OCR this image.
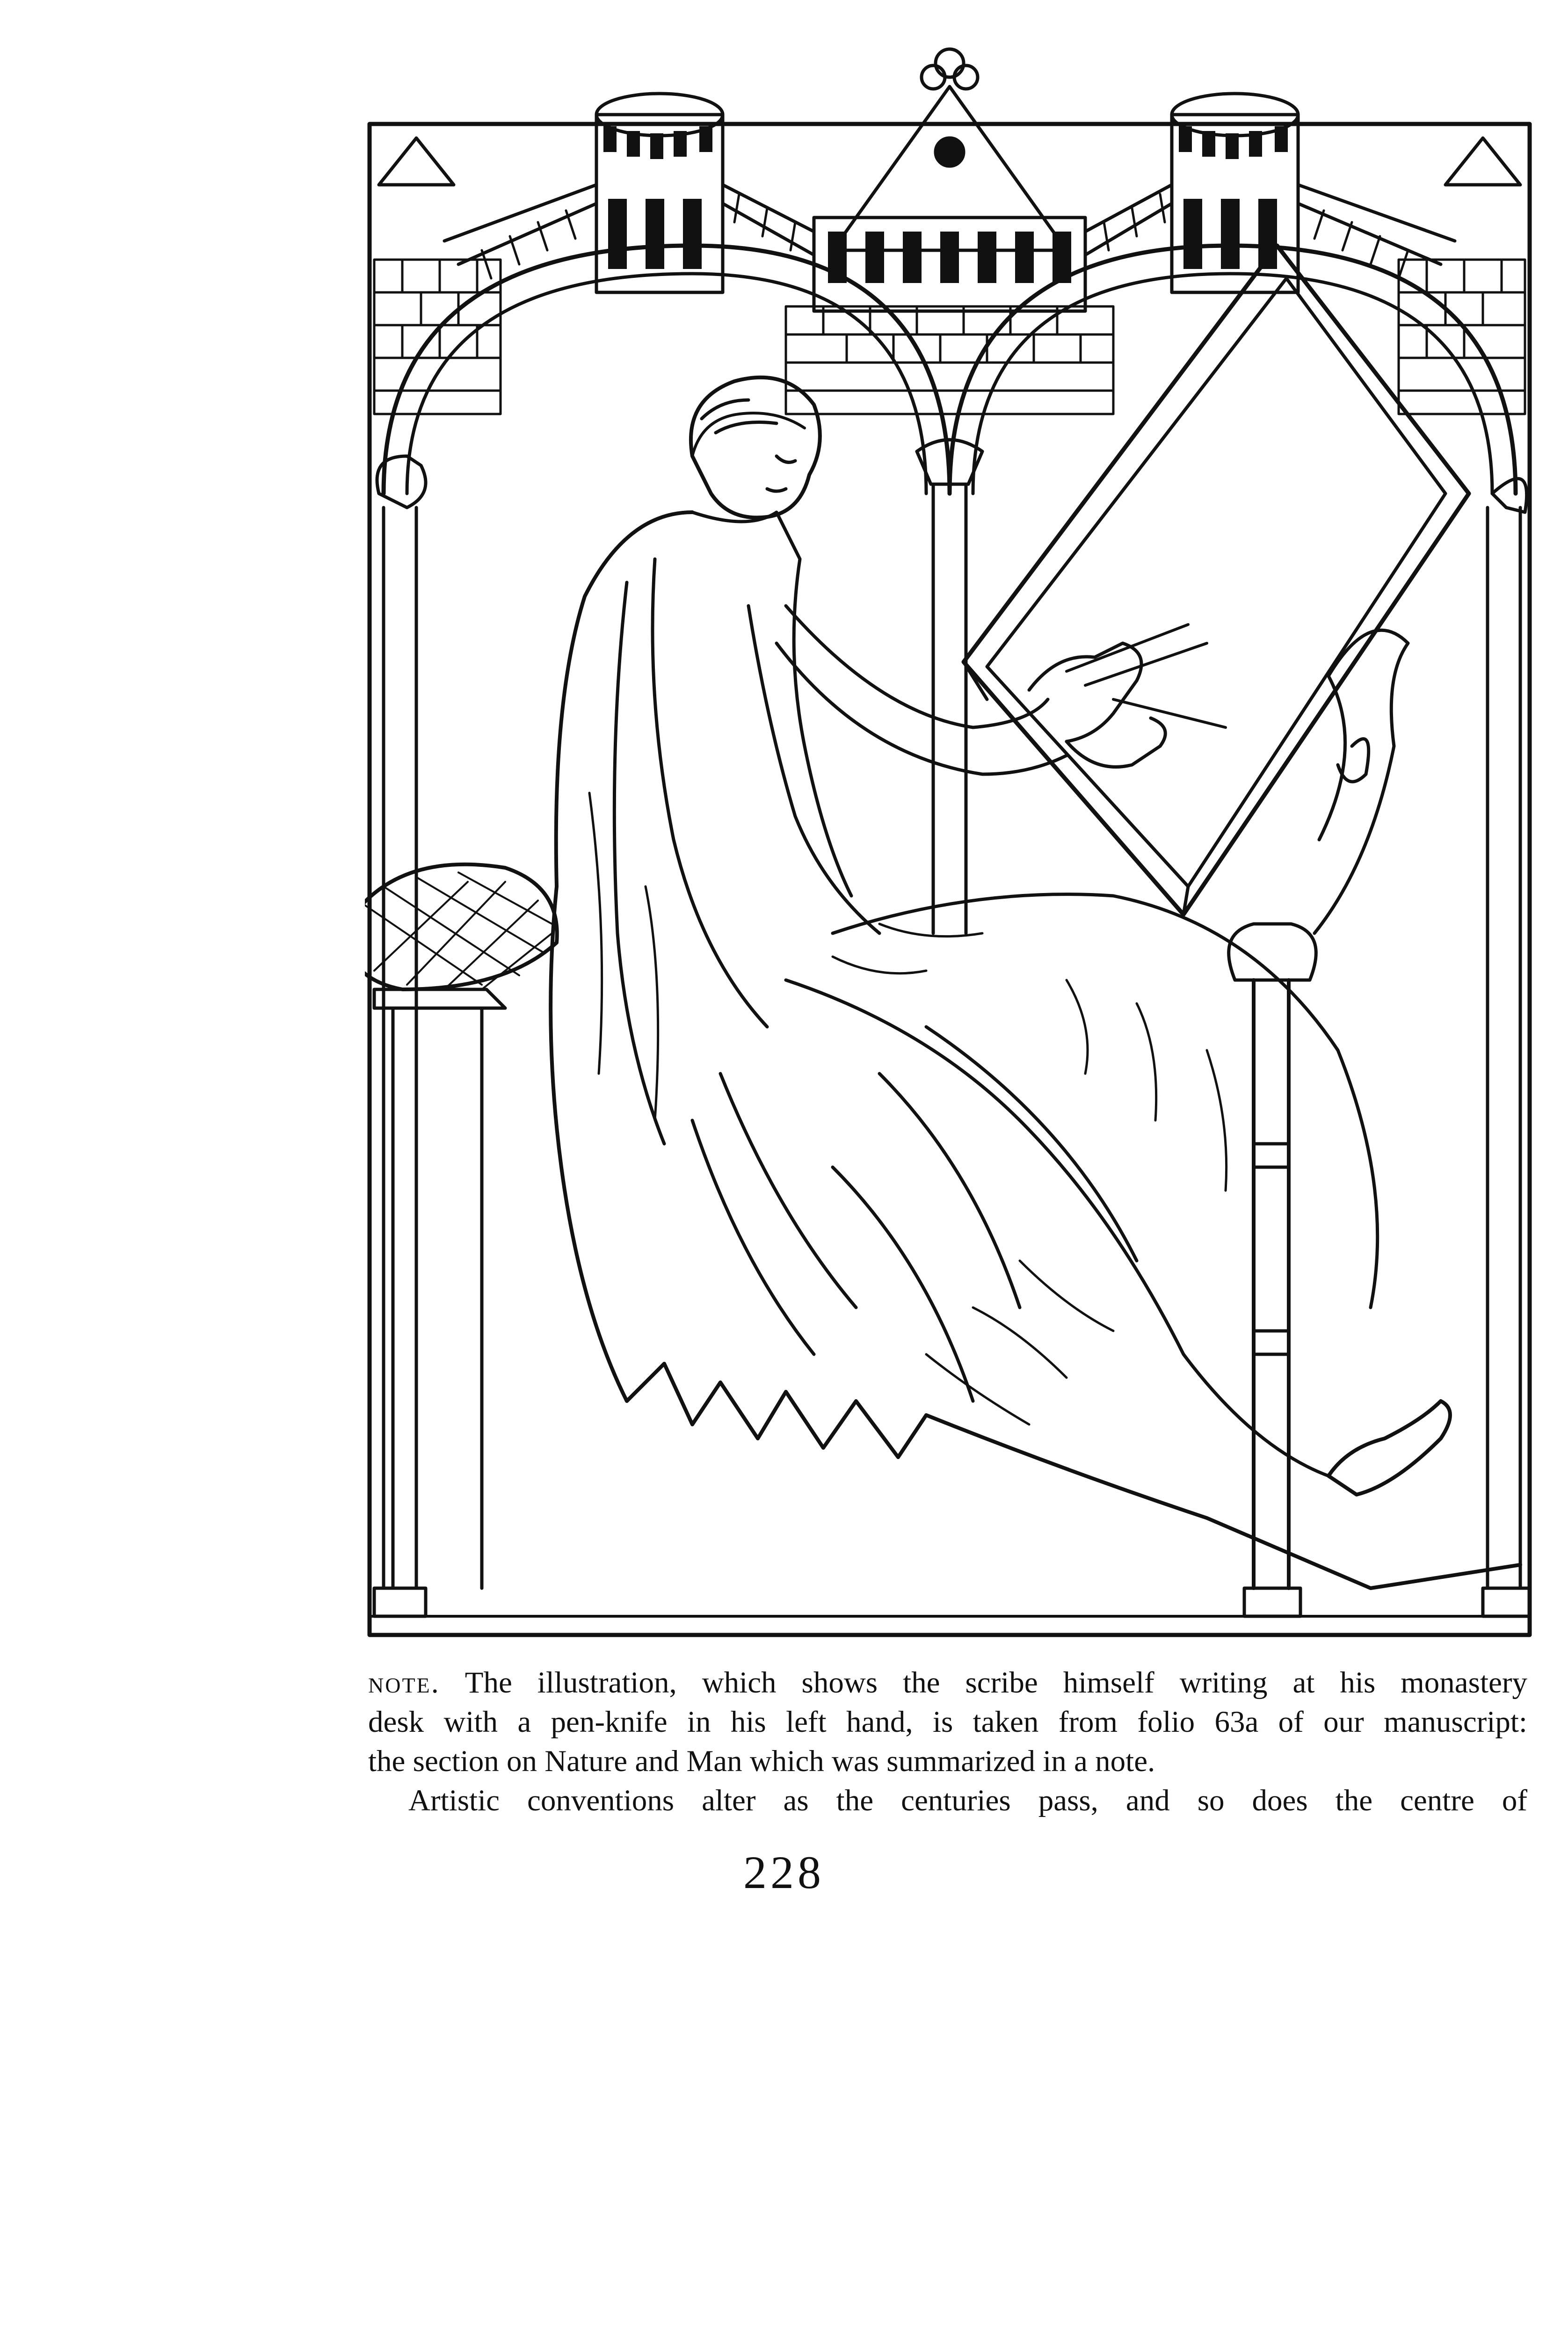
note. The illustration, which shows the scribe himself writing at his monastery
desk with a pen-knife in his left hand, is taken from folio 63a of our manuscript:
the section on Nature and Man which was summarized in a note.
Artistic conventions alter as the centuries pass, and so does the centre of
228
